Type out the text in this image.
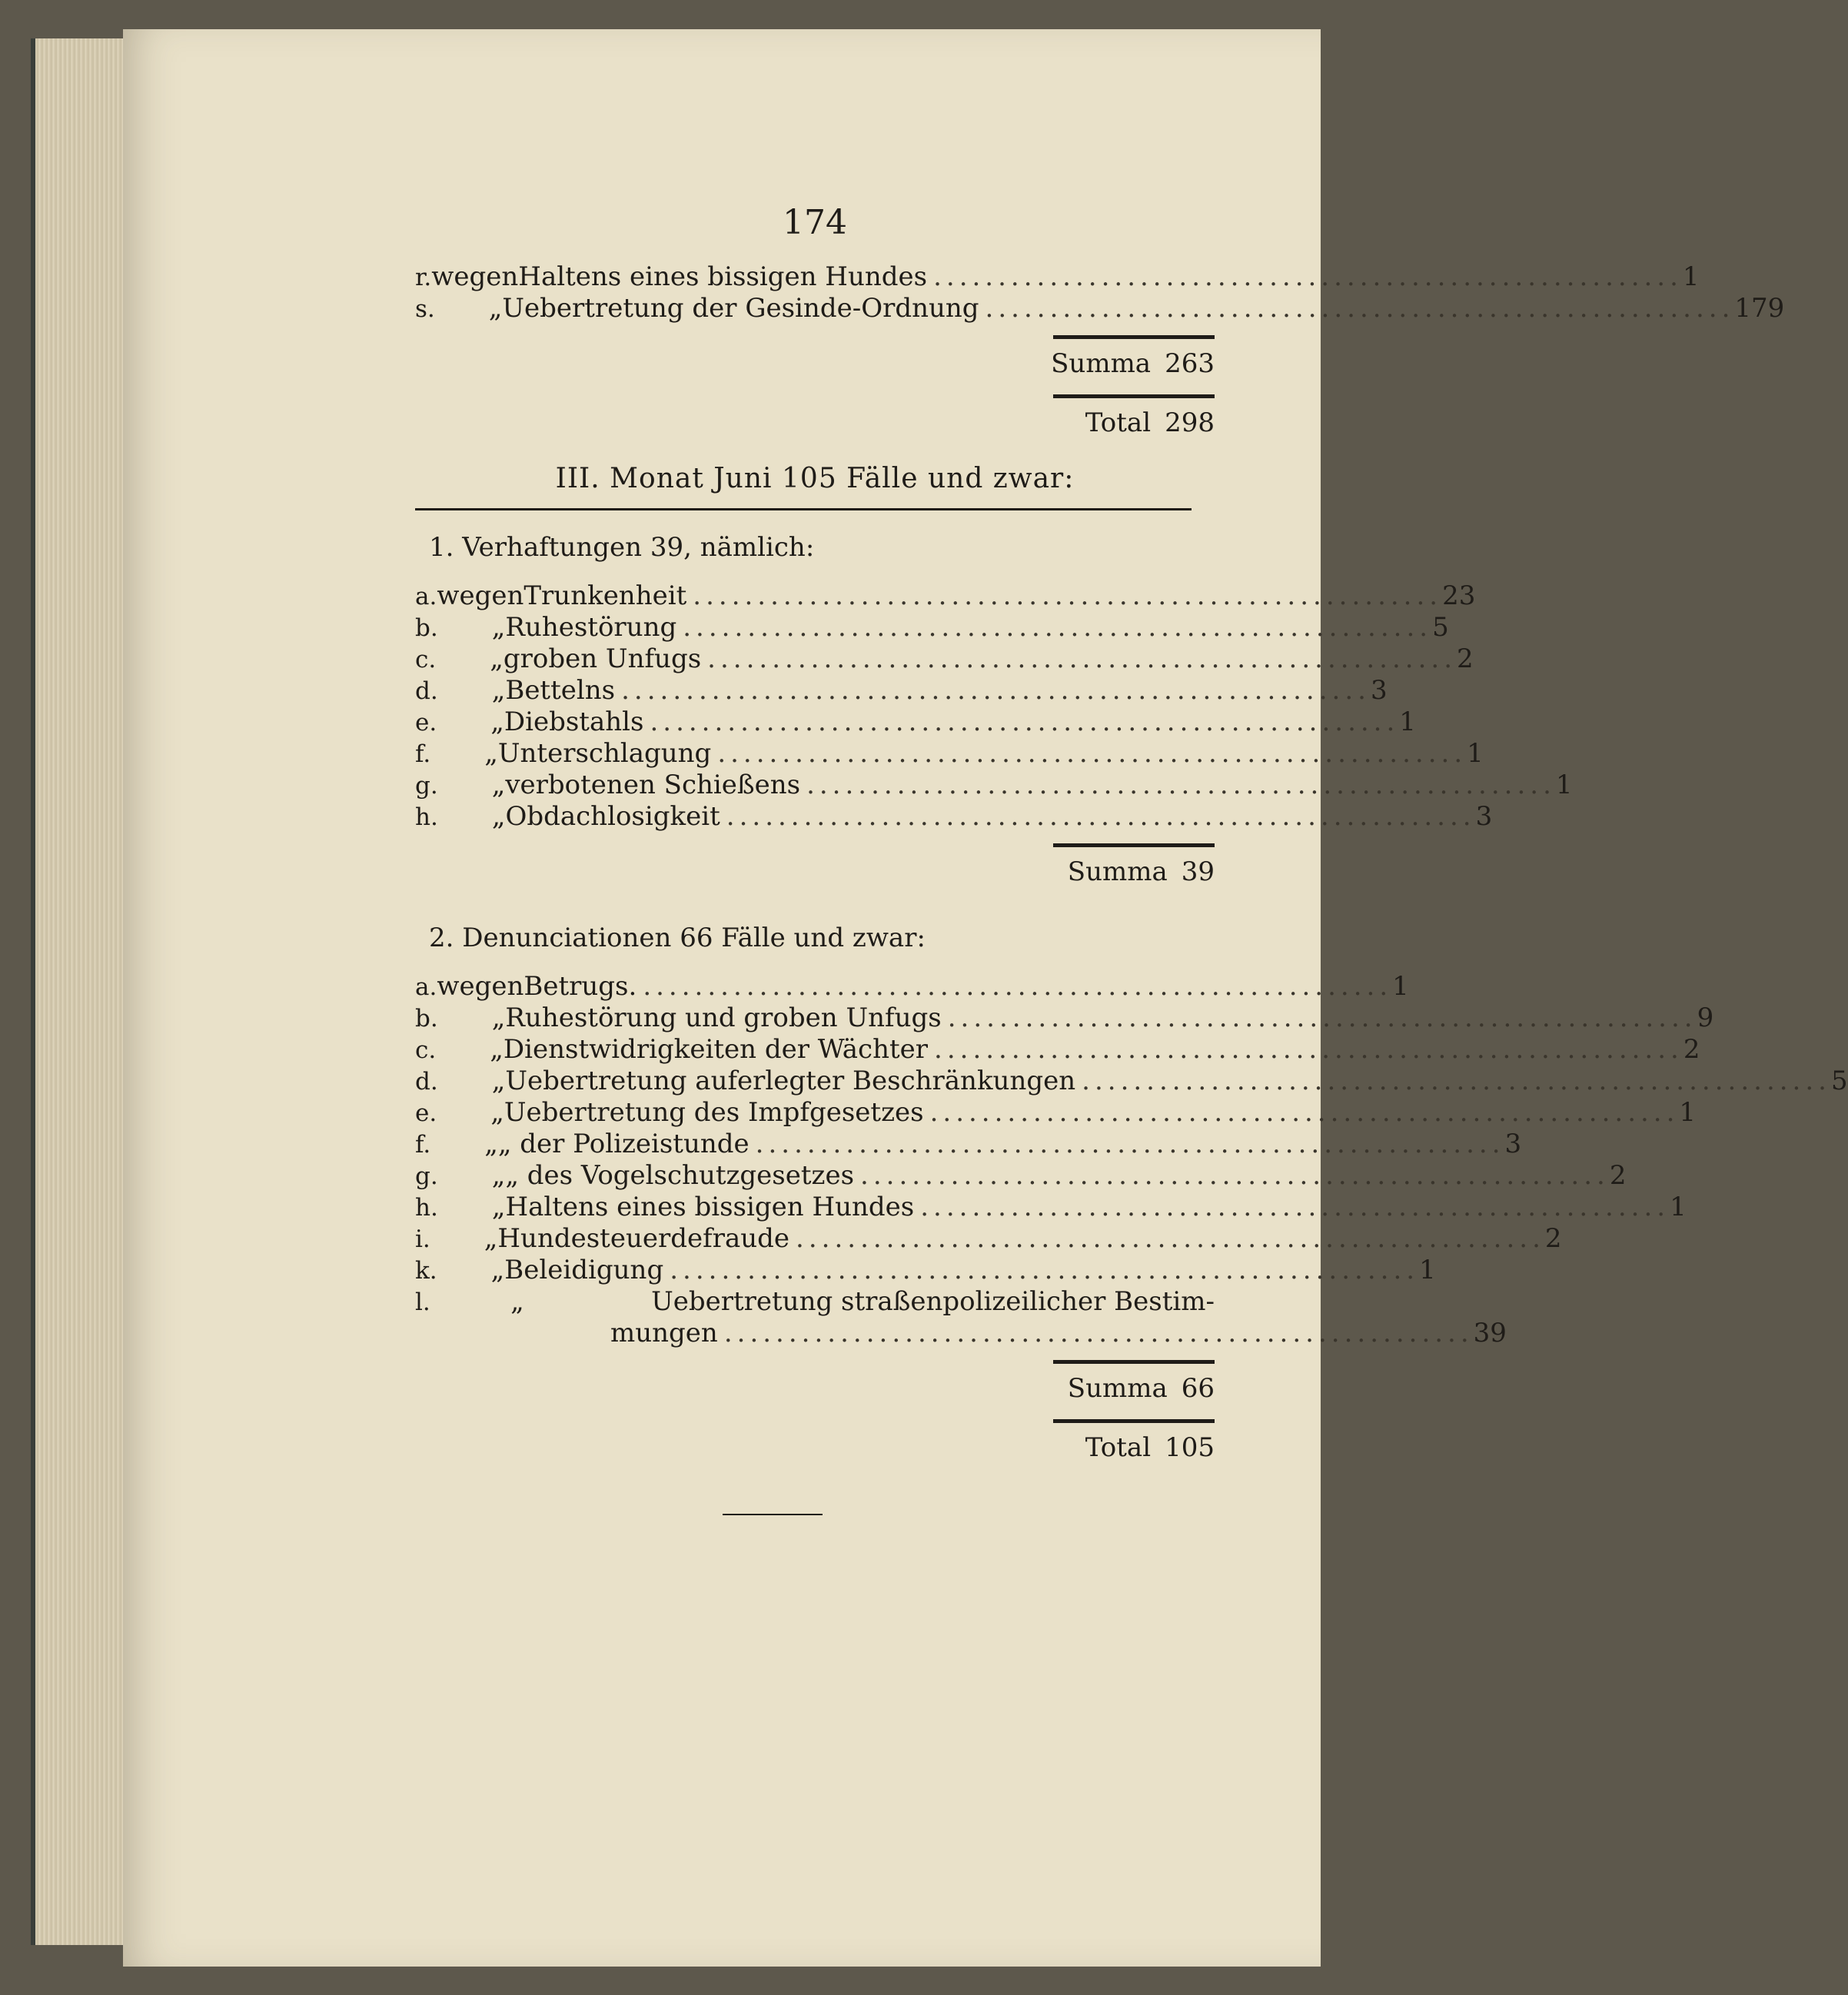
174
r. wegen Haltens eines bissigen Hundes .......................................................... 1
s.	„ Uebertretung der Gesinde-Ordnung .......................................................... 179
Summa 263
Total 298
III. Monat Juni 105 Fälle und zwar:
1. Verhaftungen 39, nämlich:
a. wegen Trunkenheit .......................................................... 23
b.	„ Ruhestörung .......................................................... 5
c.	„ groben Unfugs .......................................................... 2
d.	„ Bettelns .......................................................... 3
e.	„ Diebstahls .......................................................... 1
f.	„ Unterschlagung .......................................................... 1
g.	„ verbotenen Schießens .......................................................... 1
h.	„ Obdachlosigkeit .......................................................... 3
Summa 39
2. Denunciationen 66 Fälle und zwar:
a. wegen Betrugs. .......................................................... 1
b.	„ Ruhestörung und groben Unfugs .......................................................... 9
c.	„ Dienstwidrigkeiten der Wächter .......................................................... 2
d.	„ Uebertretung auferlegter Beschränkungen .......................................................... 5
e.	„ Uebertretung des Impfgesetzes .......................................................... 1
f.	„ „ der Polizeistunde .......................................................... 3
g.	„ „ des Vogelschutzgesetzes .......................................................... 2
h.	„ Haltens eines bissigen Hundes .......................................................... 1
i.	„ Hundesteuerdefraude .......................................................... 2
k.	„ Beleidigung .......................................................... 1
l.	„	Uebertretung straßenpolizeilicher Bestim-
mungen .......................................................... 39
Summa 66
Total 105
